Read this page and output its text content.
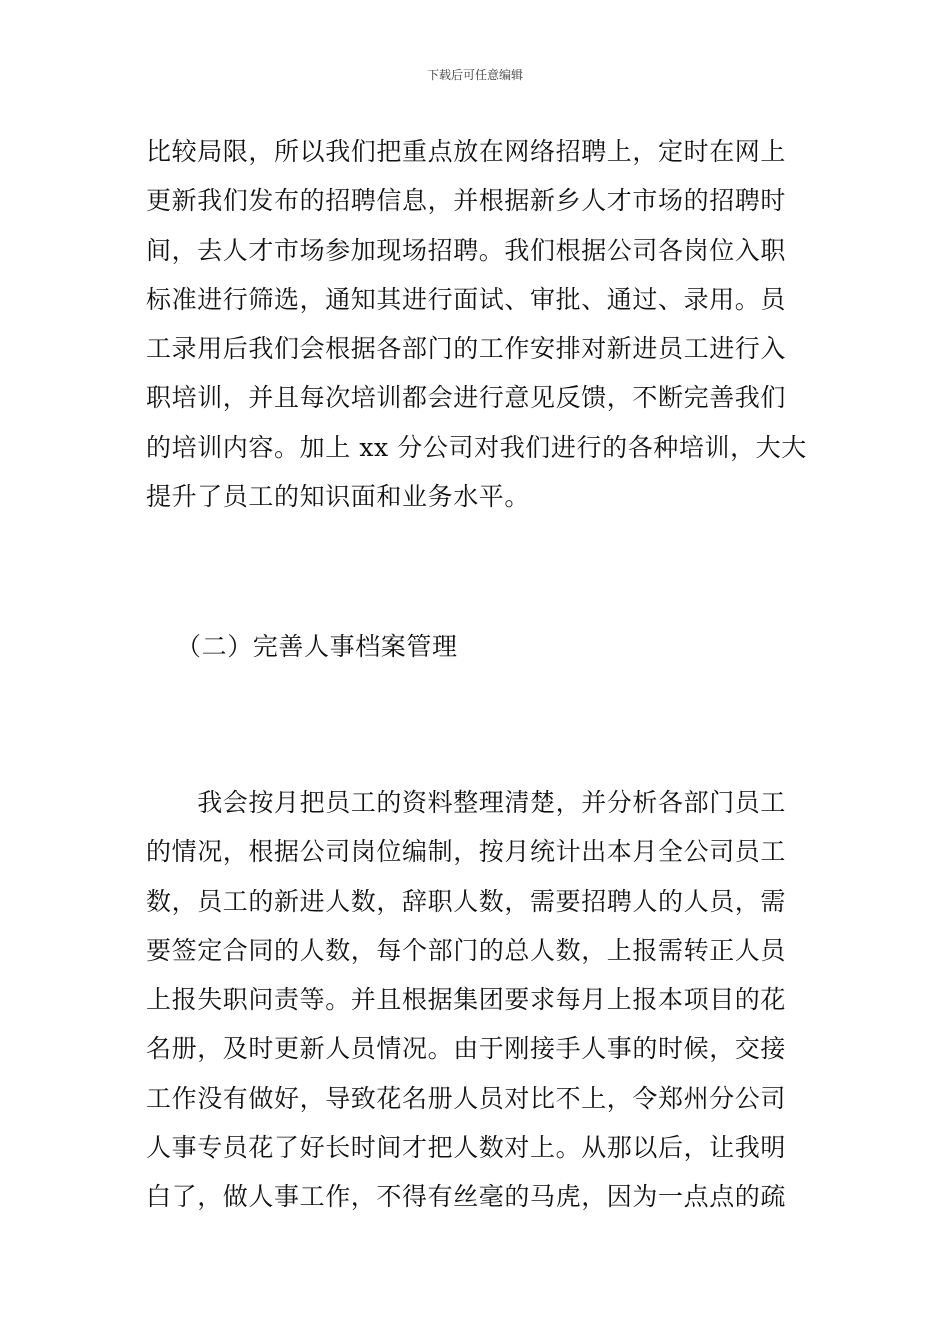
下载后可任意编辑
比较局限，所以我们把重点放在网络招聘上，定时在网上
更新我们发布的招聘信息，并根据新乡人才市场的招聘时
间，去人才市场参加现场招聘。我们根据公司各岗位入职
标准进行筛选，通知其进行面试、审批、通过、录用。员
工录用后我们会根据各部门的工作安排对新进员工进行入
职培训，并且每次培训都会进行意见反馈，不断完善我们
的培训内容。加上 xx 分公司对我们进行的各种培训，大大
提升了员工的知识面和业务水平。
（二）完善人事档案管理
　　我会按月把员工的资料整理清楚，并分析各部门员工
的情况，根据公司岗位编制，按月统计出本月全公司员工
数，员工的新进人数，辞职人数，需要招聘人的人员，需
要签定合同的人数，每个部门的总人数，上报需转正人员
上报失职问责等。并且根据集团要求每月上报本项目的花
名册，及时更新人员情况。由于刚接手人事的时候，交接
工作没有做好，导致花名册人员对比不上，令郑州分公司
人事专员花了好长时间才把人数对上。从那以后，让我明
白了，做人事工作，不得有丝毫的马虎，因为一点点的疏
